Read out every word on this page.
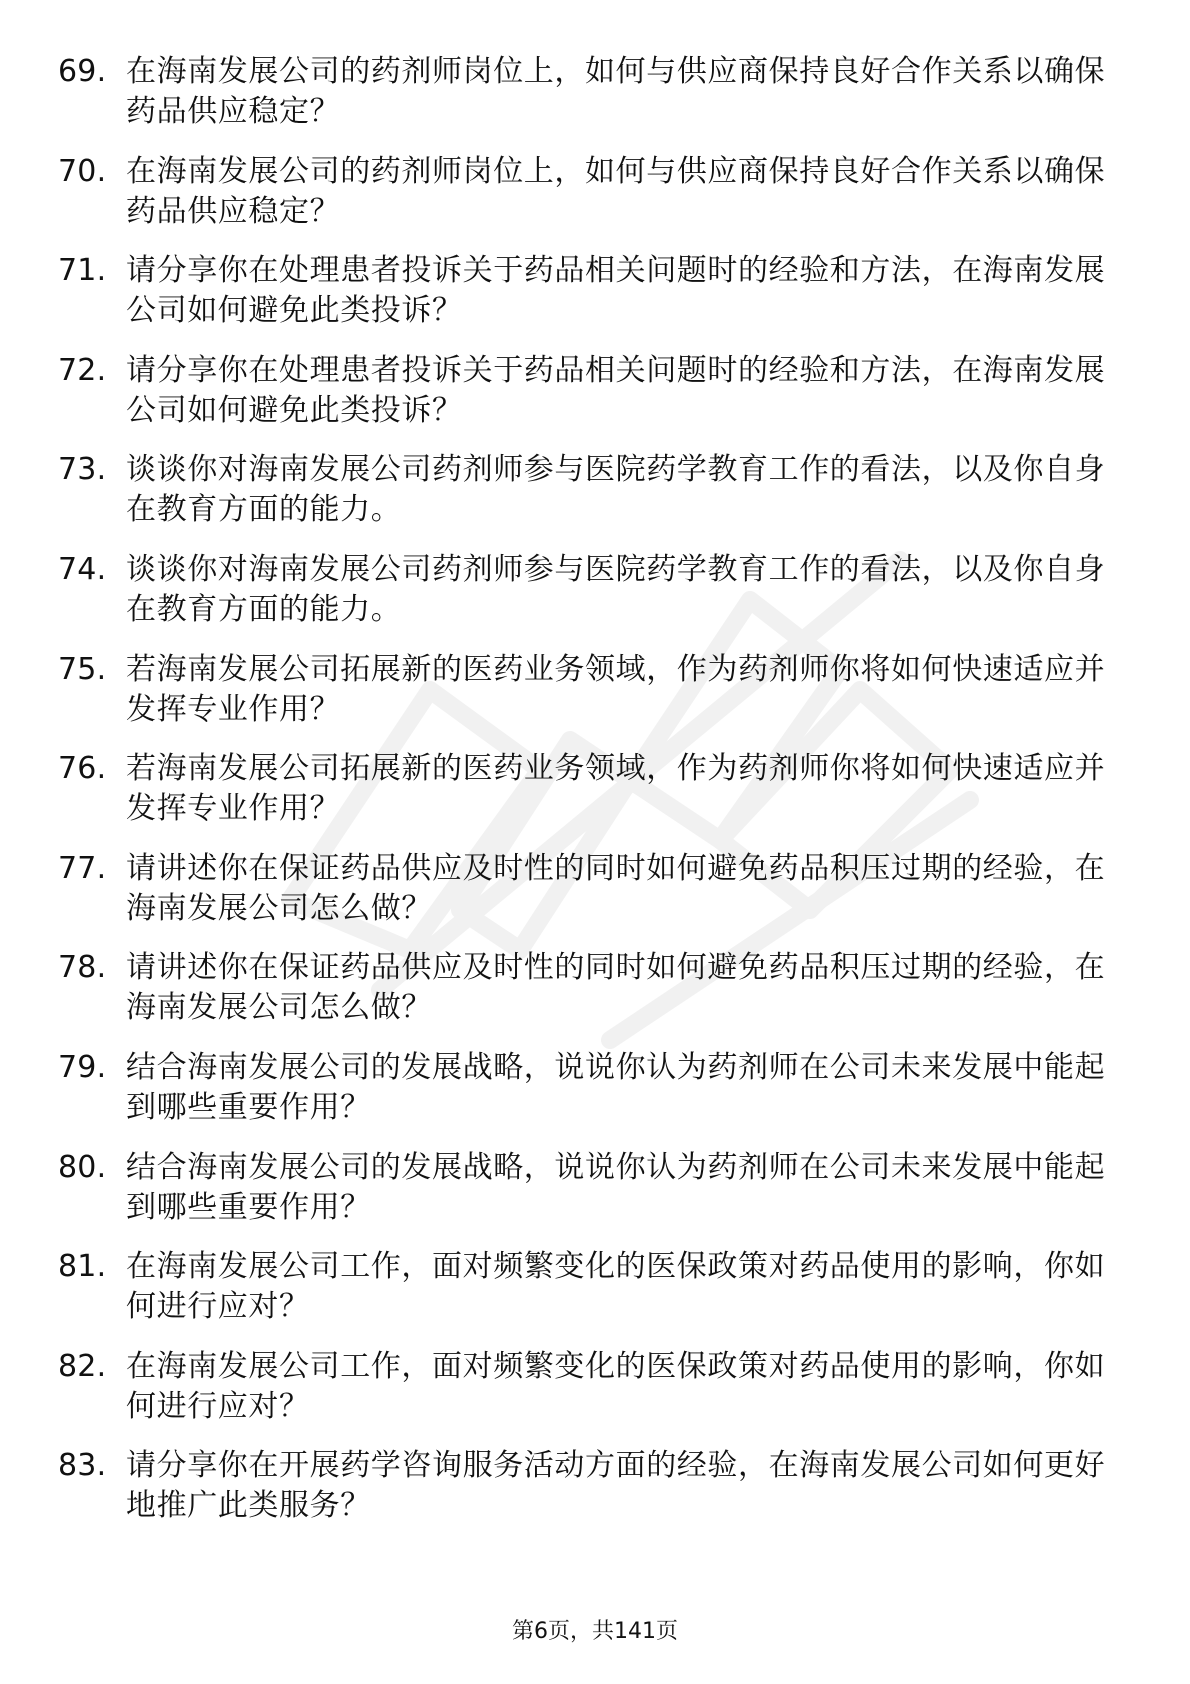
69. 在海南发展公司的药剂师岗位上，如何与供应商保持良好合作关系以确保药品供应稳定？
70. 在海南发展公司的药剂师岗位上，如何与供应商保持良好合作关系以确保药品供应稳定？
71. 请分享你在处理患者投诉关于药品相关问题时的经验和方法，在海南发展公司如何避免此类投诉？
72. 请分享你在处理患者投诉关于药品相关问题时的经验和方法，在海南发展公司如何避免此类投诉？
73. 谈谈你对海南发展公司药剂师参与医院药学教育工作的看法，以及你自身在教育方面的能力。
74. 谈谈你对海南发展公司药剂师参与医院药学教育工作的看法，以及你自身在教育方面的能力。
75. 若海南发展公司拓展新的医药业务领域，作为药剂师你将如何快速适应并发挥专业作用？
76. 若海南发展公司拓展新的医药业务领域，作为药剂师你将如何快速适应并发挥专业作用？
77. 请讲述你在保证药品供应及时性的同时如何避免药品积压过期的经验，在海南发展公司怎么做？
78. 请讲述你在保证药品供应及时性的同时如何避免药品积压过期的经验，在海南发展公司怎么做？
79. 结合海南发展公司的发展战略，说说你认为药剂师在公司未来发展中能起到哪些重要作用？
80. 结合海南发展公司的发展战略，说说你认为药剂师在公司未来发展中能起到哪些重要作用？
81. 在海南发展公司工作，面对频繁变化的医保政策对药品使用的影响，你如何进行应对？
82. 在海南发展公司工作，面对频繁变化的医保政策对药品使用的影响，你如何进行应对？
83. 请分享你在开展药学咨询服务活动方面的经验，在海南发展公司如何更好地推广此类服务？
第6页，共141页
